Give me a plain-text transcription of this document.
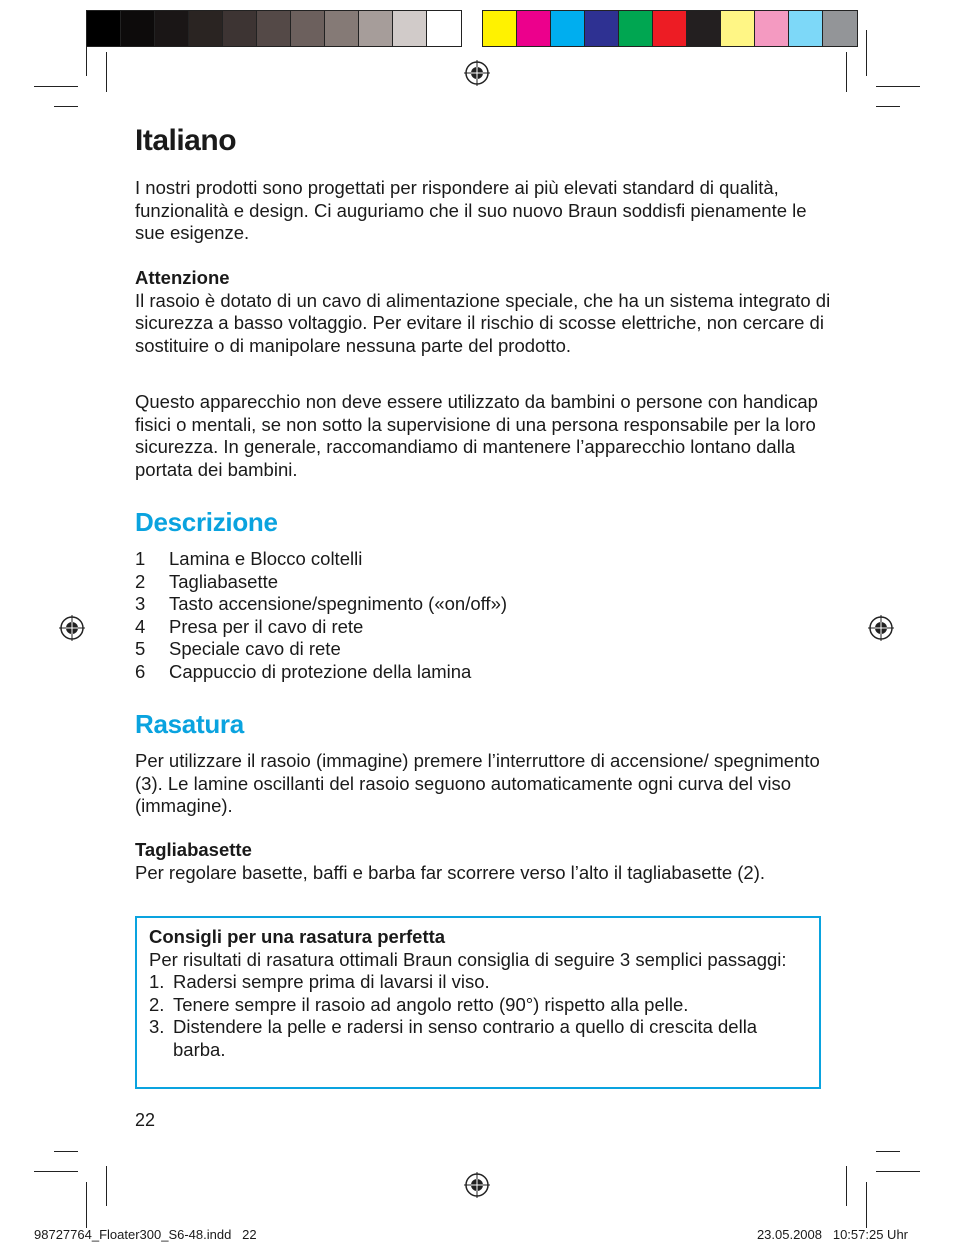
Italiano

I nostri prodotti sono progettati per rispondere ai più elevati standard di qualità, funzionalità e design. Ci auguriamo che il suo nuovo Braun soddisfi pienamente le sue esigenze.

Attenzione
Il rasoio è dotato di un cavo di alimentazione speciale, che ha un sistema integrato di sicurezza a basso voltaggio. Per evitare il rischio di scosse elettriche, non cercare di sostituire o di manipolare nessuna parte del prodotto.

Questo apparecchio non deve essere utilizzato da bambini o persone con handicap fisici o mentali, se non sotto la supervisione di una persona responsabile per la loro sicurezza. In generale, raccomandiamo di mantenere l’apparecchio lontano dalla portata dei bambini.

Descrizione
1	Lamina e Blocco coltelli
2	Tagliabasette
3	Tasto accensione/spegnimento («on/off»)
4	Presa per il cavo di rete
5	Speciale cavo di rete
6	Cappuccio di protezione della lamina
Rasatura

Per utilizzare il rasoio (immagine) premere l’interruttore di accensione/ spegnimento (3). Le lamine oscillanti del rasoio seguono automaticamente ogni curva del viso (immagine).

Tagliabasette
Per regolare basette, baffi e barba far scorrere verso l’alto il tagliabasette (2).

Consigli per una rasatura perfetta
Per risultati di rasatura ottimali Braun consiglia di seguire 3 semplici passaggi:
1. Radersi sempre prima di lavarsi il viso.
2. Tenere sempre il rasoio ad angolo retto (90°) rispetto alla pelle.
3. Distendere la pelle e radersi in senso contrario a quello di crescita della barba.
22
98727764_Floater300_S6-48.indd   22	23.05.2008   10:57:25 Uhr
